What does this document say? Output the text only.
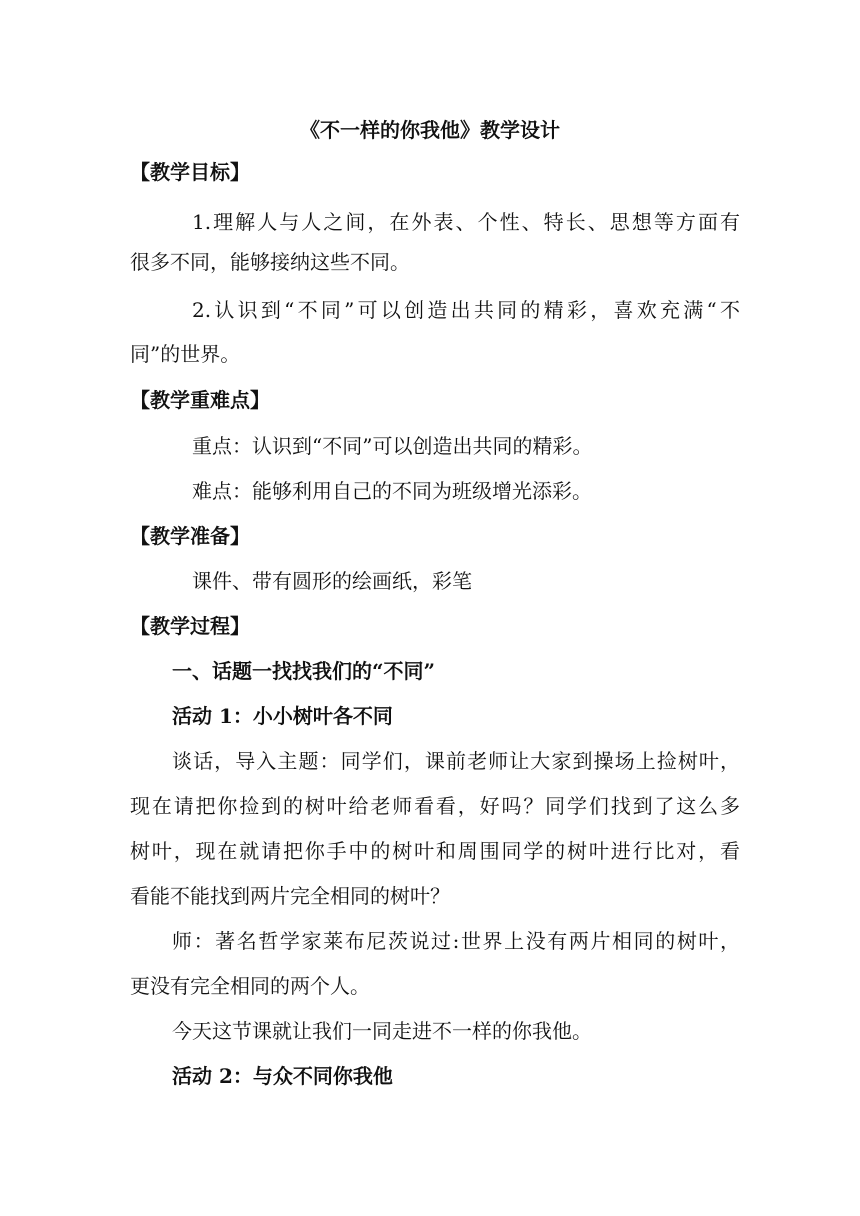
《不一样的你我他》教学设计
【教学目标】
1.理解人与人之间，在外表、个性、特长、思想等方面有
很多不同，能够接纳这些不同。
2.认识到“不同”可以创造出共同的精彩，喜欢充满“不
同”的世界。
【教学重难点】
重点：认识到“不同”可以创造出共同的精彩。
难点：能够利用自己的不同为班级增光添彩。
【教学准备】
课件、带有圆形的绘画纸，彩笔
【教学过程】
一、话题一找找我们的“不同”
活动 1：小小树叶各不同
谈话，导入主题：同学们，课前老师让大家到操场上捡树叶，
现在请把你捡到的树叶给老师看看，好吗？同学们找到了这么多
树叶，现在就请把你手中的树叶和周围同学的树叶进行比对，看
看能不能找到两片完全相同的树叶？
师：著名哲学家莱布尼茨说过:世界上没有两片相同的树叶，
更没有完全相同的两个人。
今天这节课就让我们一同走进不一样的你我他。
活动 2：与众不同你我他
